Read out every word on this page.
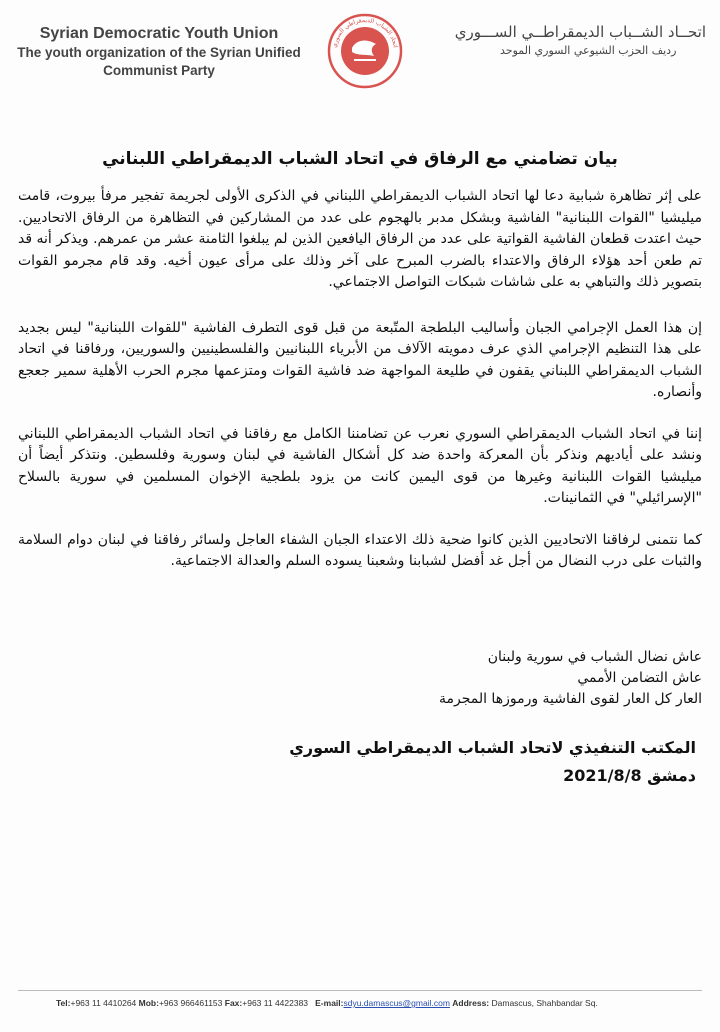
Syrian Democratic Youth Union
The youth organization of the Syrian Unified
Communist Party
اتحاد الشباب الديمقراطي السوري
اتحــاد الشــباب الديمقراطــي الســـوري
رديف الحزب الشيوعي السوري الموحد
بيان تضامني مع الرفاق في اتحاد الشباب الديمقراطي اللبناني

على إثر تظاهرة شبابية دعا لها اتحاد الشباب الديمقراطي اللبناني في الذكرى الأولى لجريمة تفجير مرفأ بيروت، قامت ميليشيا "القوات اللبنانية" الفاشية وبشكل مدبر بالهجوم على عدد من المشاركين في التظاهرة من الرفاق الاتحاديين. حيث اعتدت قطعان الفاشية القواتية على عدد من الرفاق اليافعين الذين لم يبلغوا الثامنة عشر من عمرهم. ويذكر أنه قد تم طعن أحد هؤلاء الرفاق والاعتداء بالضرب المبرح على آخر وذلك على مرأى عيون أخيه. وقد قام مجرمو القوات بتصوير ذلك والتباهي به على شاشات شبكات التواصل الاجتماعي.

إن هذا العمل الإجرامي الجبان وأساليب البلطجة المتّبعة من قبل قوى التطرف الفاشية "للقوات اللبنانية" ليس بجديد على هذا التنظيم الإجرامي الذي عرف دمويته الآلاف من الأبرياء اللبنانيين والفلسطينيين والسوريين، ورفاقنا في اتحاد الشباب الديمقراطي اللبناني يقفون في طليعة المواجهة ضد فاشية القوات ومتزعمها مجرم الحرب الأهلية سمير جعجع وأنصاره.

إننا في اتحاد الشباب الديمقراطي السوري نعرب عن تضامننا الكامل مع رفاقنا في اتحاد الشباب الديمقراطي اللبناني ونشد على أياديهم ونذكر بأن المعركة واحدة ضد كل أشكال الفاشية في لبنان وسورية وفلسطين. ونتذكر أيضاً أن ميليشيا القوات اللبنانية وغيرها من قوى اليمين كانت من يزود بلطجية الإخوان المسلمين في سورية بالسلاح "الإسرائيلي" في الثمانينات.

كما نتمنى لرفاقنا الاتحاديين الذين كانوا ضحية ذلك الاعتداء الجبان الشفاء العاجل ولسائر رفاقنا في لبنان دوام السلامة والثبات على درب النضال من أجل غد أفضل لشبابنا وشعبنا يسوده السلم والعدالة الاجتماعية.

عاش نضال الشباب في سورية ولبنان
عاش التضامن الأممي
العار كل العار لقوى الفاشية ورموزها المجرمة
المكتب التنفيذي لاتحاد الشباب الديمقراطي السوري
دمشق 2021/8/8
Tel:+963 11 4410264 Mob:+963 966461153 Fax:+963 11 4422383 E-mail:sdyu.damascus@gmail.com Address: Damascus, Shahbandar Sq.
